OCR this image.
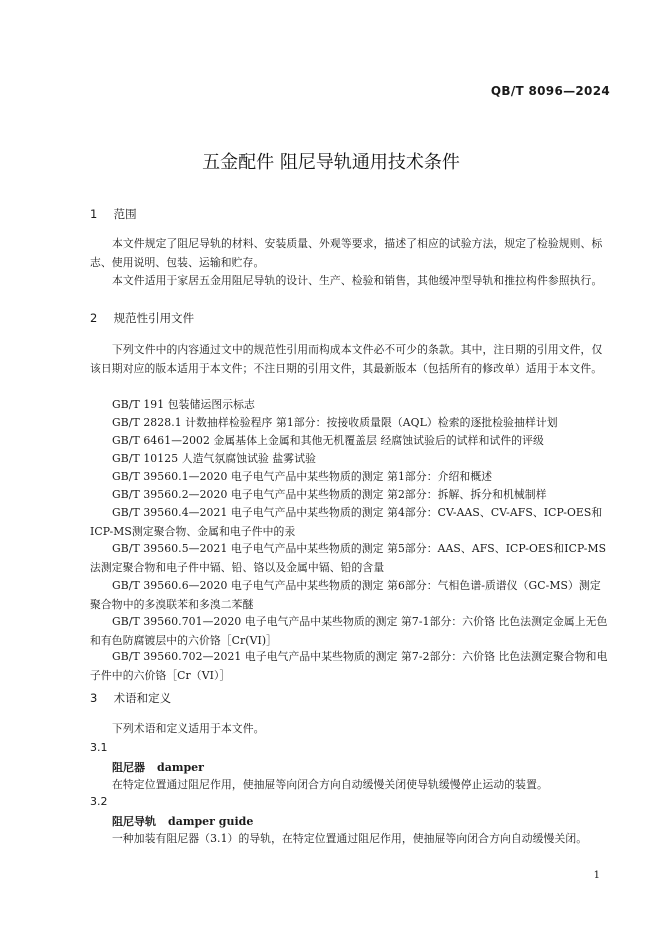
QB/T 8096—2024
五金配件 阻尼导轨通用技术条件
1 范围
本文件规定了阻尼导轨的材料、安装质量、外观等要求，描述了相应的试验方法，规定了检验规则、标志、使用说明、包装、运输和贮存。
本文件适用于家居五金用阻尼导轨的设计、生产、检验和销售，其他缓冲型导轨和推拉构件参照执行。
2 规范性引用文件
下列文件中的内容通过文中的规范性引用而构成本文件必不可少的条款。其中，注日期的引用文件，仅该日期对应的版本适用于本文件；不注日期的引用文件，其最新版本（包括所有的修改单）适用于本文件。
GB/T 191 包装储运图示标志
GB/T 2828.1 计数抽样检验程序 第1部分：按接收质量限（AQL）检索的逐批检验抽样计划
GB/T 6461—2002 金属基体上金属和其他无机覆盖层 经腐蚀试验后的试样和试件的评级
GB/T 10125 人造气氛腐蚀试验 盐雾试验
GB/T 39560.1—2020 电子电气产品中某些物质的测定 第1部分：介绍和概述
GB/T 39560.2—2020 电子电气产品中某些物质的测定 第2部分：拆解、拆分和机械制样
GB/T 39560.4—2021 电子电气产品中某些物质的测定 第4部分：CV-AAS、CV-AFS、ICP-OES和ICP-MS测定聚合物、金属和电子件中的汞
GB/T 39560.5—2021 电子电气产品中某些物质的测定 第5部分：AAS、AFS、ICP-OES和ICP-MS法测定聚合物和电子件中镉、铅、铬以及金属中镉、铅的含量
GB/T 39560.6—2020 电子电气产品中某些物质的测定 第6部分：气相色谱-质谱仪（GC-MS）测定聚合物中的多溴联苯和多溴二苯醚
GB/T 39560.701—2020 电子电气产品中某些物质的测定 第7-1部分：六价铬 比色法测定金属上无色和有色防腐镀层中的六价铬［Cr(VI)］
GB/T 39560.702—2021 电子电气产品中某些物质的测定 第7-2部分：六价铬 比色法测定聚合物和电子件中的六价铬［Cr（VI）］
3 术语和定义
下列术语和定义适用于本文件。
3.1
阻尼器 damper
在特定位置通过阻尼作用，使抽屉等向闭合方向自动缓慢关闭使导轨缓慢停止运动的装置。
3.2
阻尼导轨 damper guide
一种加装有阻尼器（3.1）的导轨，在特定位置通过阻尼作用，使抽屉等向闭合方向自动缓慢关闭。
1
